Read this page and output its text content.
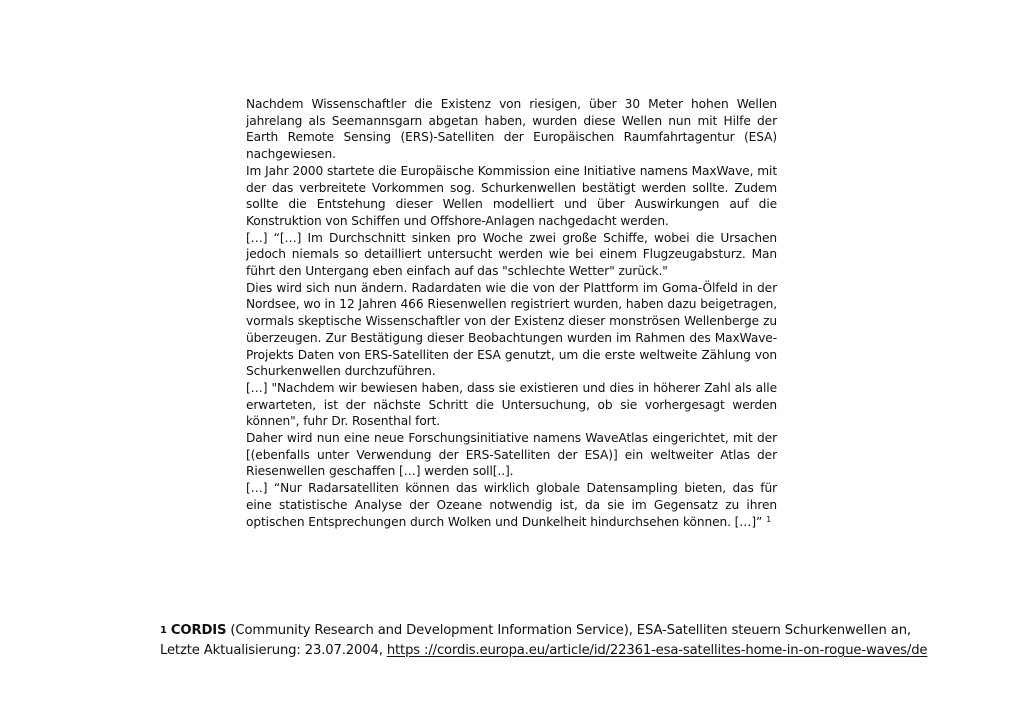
Nachdem Wissenschaftler die Existenz von riesigen, über 30 Meter hohen Wellen jahrelang als Seemannsgarn abgetan haben, wurden diese Wellen nun mit Hilfe der Earth Remote Sensing (ERS)-Satelliten der Europäischen Raumfahrtagentur (ESA) nachgewiesen.

Im Jahr 2000 startete die Europäische Kommission eine Initiative namens MaxWave, mit der das verbreitete Vorkommen sog. Schurkenwellen bestätigt werden sollte. Zudem sollte die Entstehung dieser Wellen modelliert und über Auswirkungen auf die Konstruktion von Schiffen und Offshore-Anlagen nachgedacht werden.

[…] “[…] Im Durchschnitt sinken pro Woche zwei große Schiffe, wobei die Ursachen jedoch niemals so detailliert untersucht werden wie bei einem Flugzeugabsturz. Man führt den Untergang eben einfach auf das "schlechte Wetter" zurück."

Dies wird sich nun ändern. Radardaten wie die von der Plattform im Goma-Ölfeld in der Nordsee, wo in 12 Jahren 466 Riesenwellen registriert wurden, haben dazu beigetragen, vormals skeptische Wissenschaftler von der Existenz dieser monströsen Wellenberge zu überzeugen. Zur Bestätigung dieser Beobachtungen wurden im Rahmen des MaxWave-Projekts Daten von ERS-Satelliten der ESA genutzt, um die erste weltweite Zählung von Schurkenwellen durchzuführen.

[…] "Nachdem wir bewiesen haben, dass sie existieren und dies in höherer Zahl als alle erwarteten, ist der nächste Schritt die Untersuchung, ob sie vorhergesagt werden können", fuhr Dr. Rosenthal fort.

Daher wird nun eine neue Forschungsinitiative namens WaveAtlas eingerichtet, mit der [(ebenfalls unter Verwendung der ERS-Satelliten der ESA)] ein weltweiter Atlas der Riesenwellen geschaffen […] werden soll[..].

[…] “Nur Radarsatelliten können das wirklich globale Datensampling bieten, das für eine statistische Analyse der Ozeane notwendig ist, da sie im Gegensatz zu ihren optischen Entsprechungen durch Wolken und Dunkelheit hindurchsehen können. […]” $^1$

1 CORDIS (Community Research and Development Information Service), ESA-Satelliten steuern Schurkenwellen an,
Letzte Aktualisierung: 23.07.2004, https ://cordis.europa.eu/article/id/22361-esa-satellites-home-in-on-rogue-waves/de
